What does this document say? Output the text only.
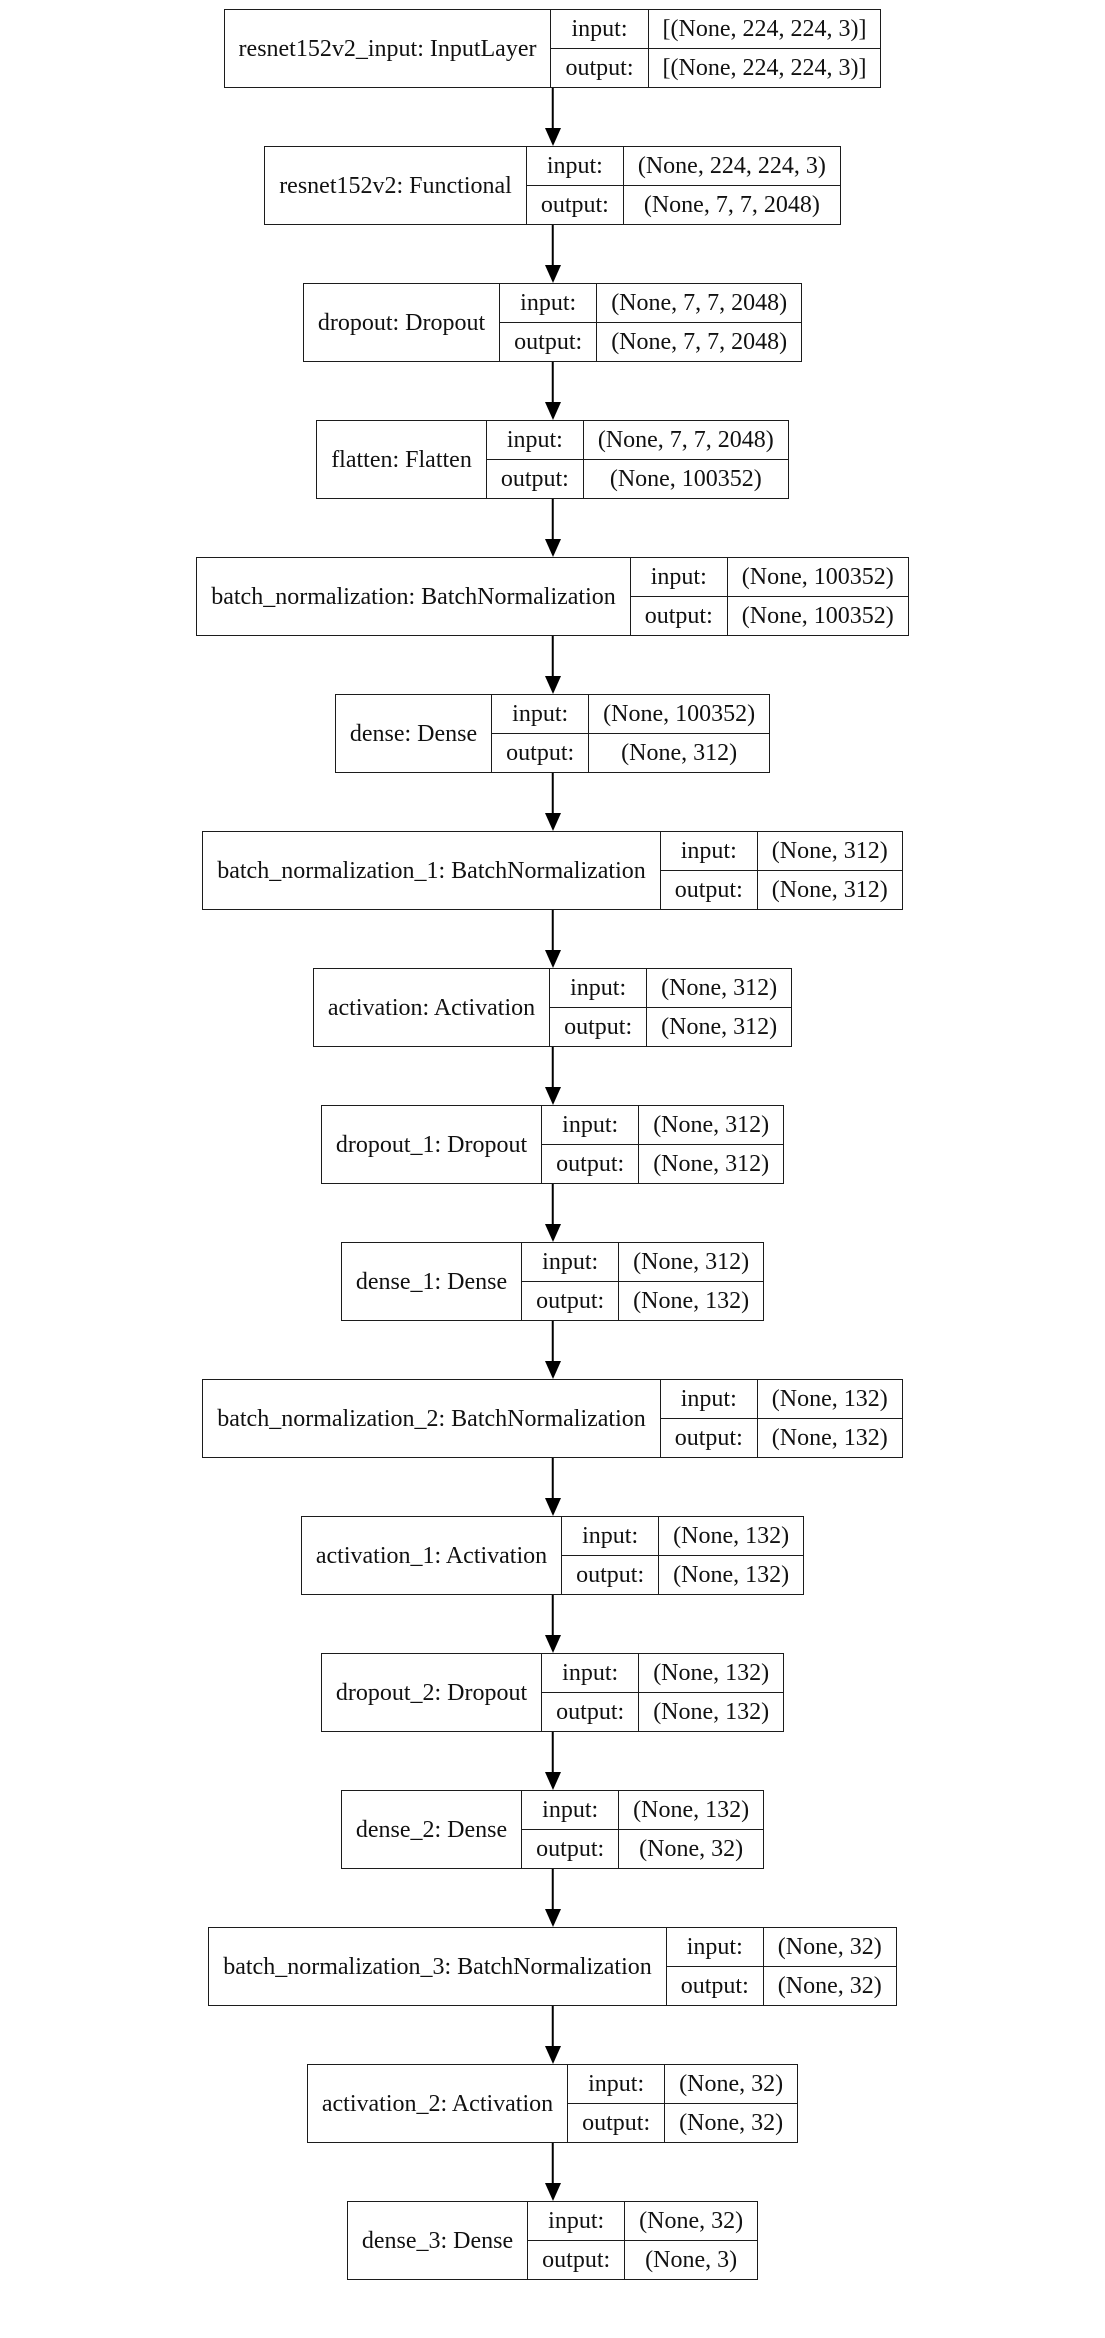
resnet152v2_input: InputLayer
input:	[(None, 224, 224, 3)]
output:	[(None, 224, 224, 3)]
resnet152v2: Functional
input:	(None, 224, 224, 3)
output:	(None, 7, 7, 2048)
dropout: Dropout
input:	(None, 7, 7, 2048)
output:	(None, 7, 7, 2048)
flatten: Flatten
input:	(None, 7, 7, 2048)
output:	(None, 100352)
batch_normalization: BatchNormalization
input:	(None, 100352)
output:	(None, 100352)
dense: Dense
input:	(None, 100352)
output:	(None, 312)
batch_normalization_1: BatchNormalization
input:	(None, 312)
output:	(None, 312)
activation: Activation
input:	(None, 312)
output:	(None, 312)
dropout_1: Dropout
input:	(None, 312)
output:	(None, 312)
dense_1: Dense
input:	(None, 312)
output:	(None, 132)
batch_normalization_2: BatchNormalization
input:	(None, 132)
output:	(None, 132)
activation_1: Activation
input:	(None, 132)
output:	(None, 132)
dropout_2: Dropout
input:	(None, 132)
output:	(None, 132)
dense_2: Dense
input:	(None, 132)
output:	(None, 32)
batch_normalization_3: BatchNormalization
input:	(None, 32)
output:	(None, 32)
activation_2: Activation
input:	(None, 32)
output:	(None, 32)
dense_3: Dense
input:	(None, 32)
output:	(None, 3)
